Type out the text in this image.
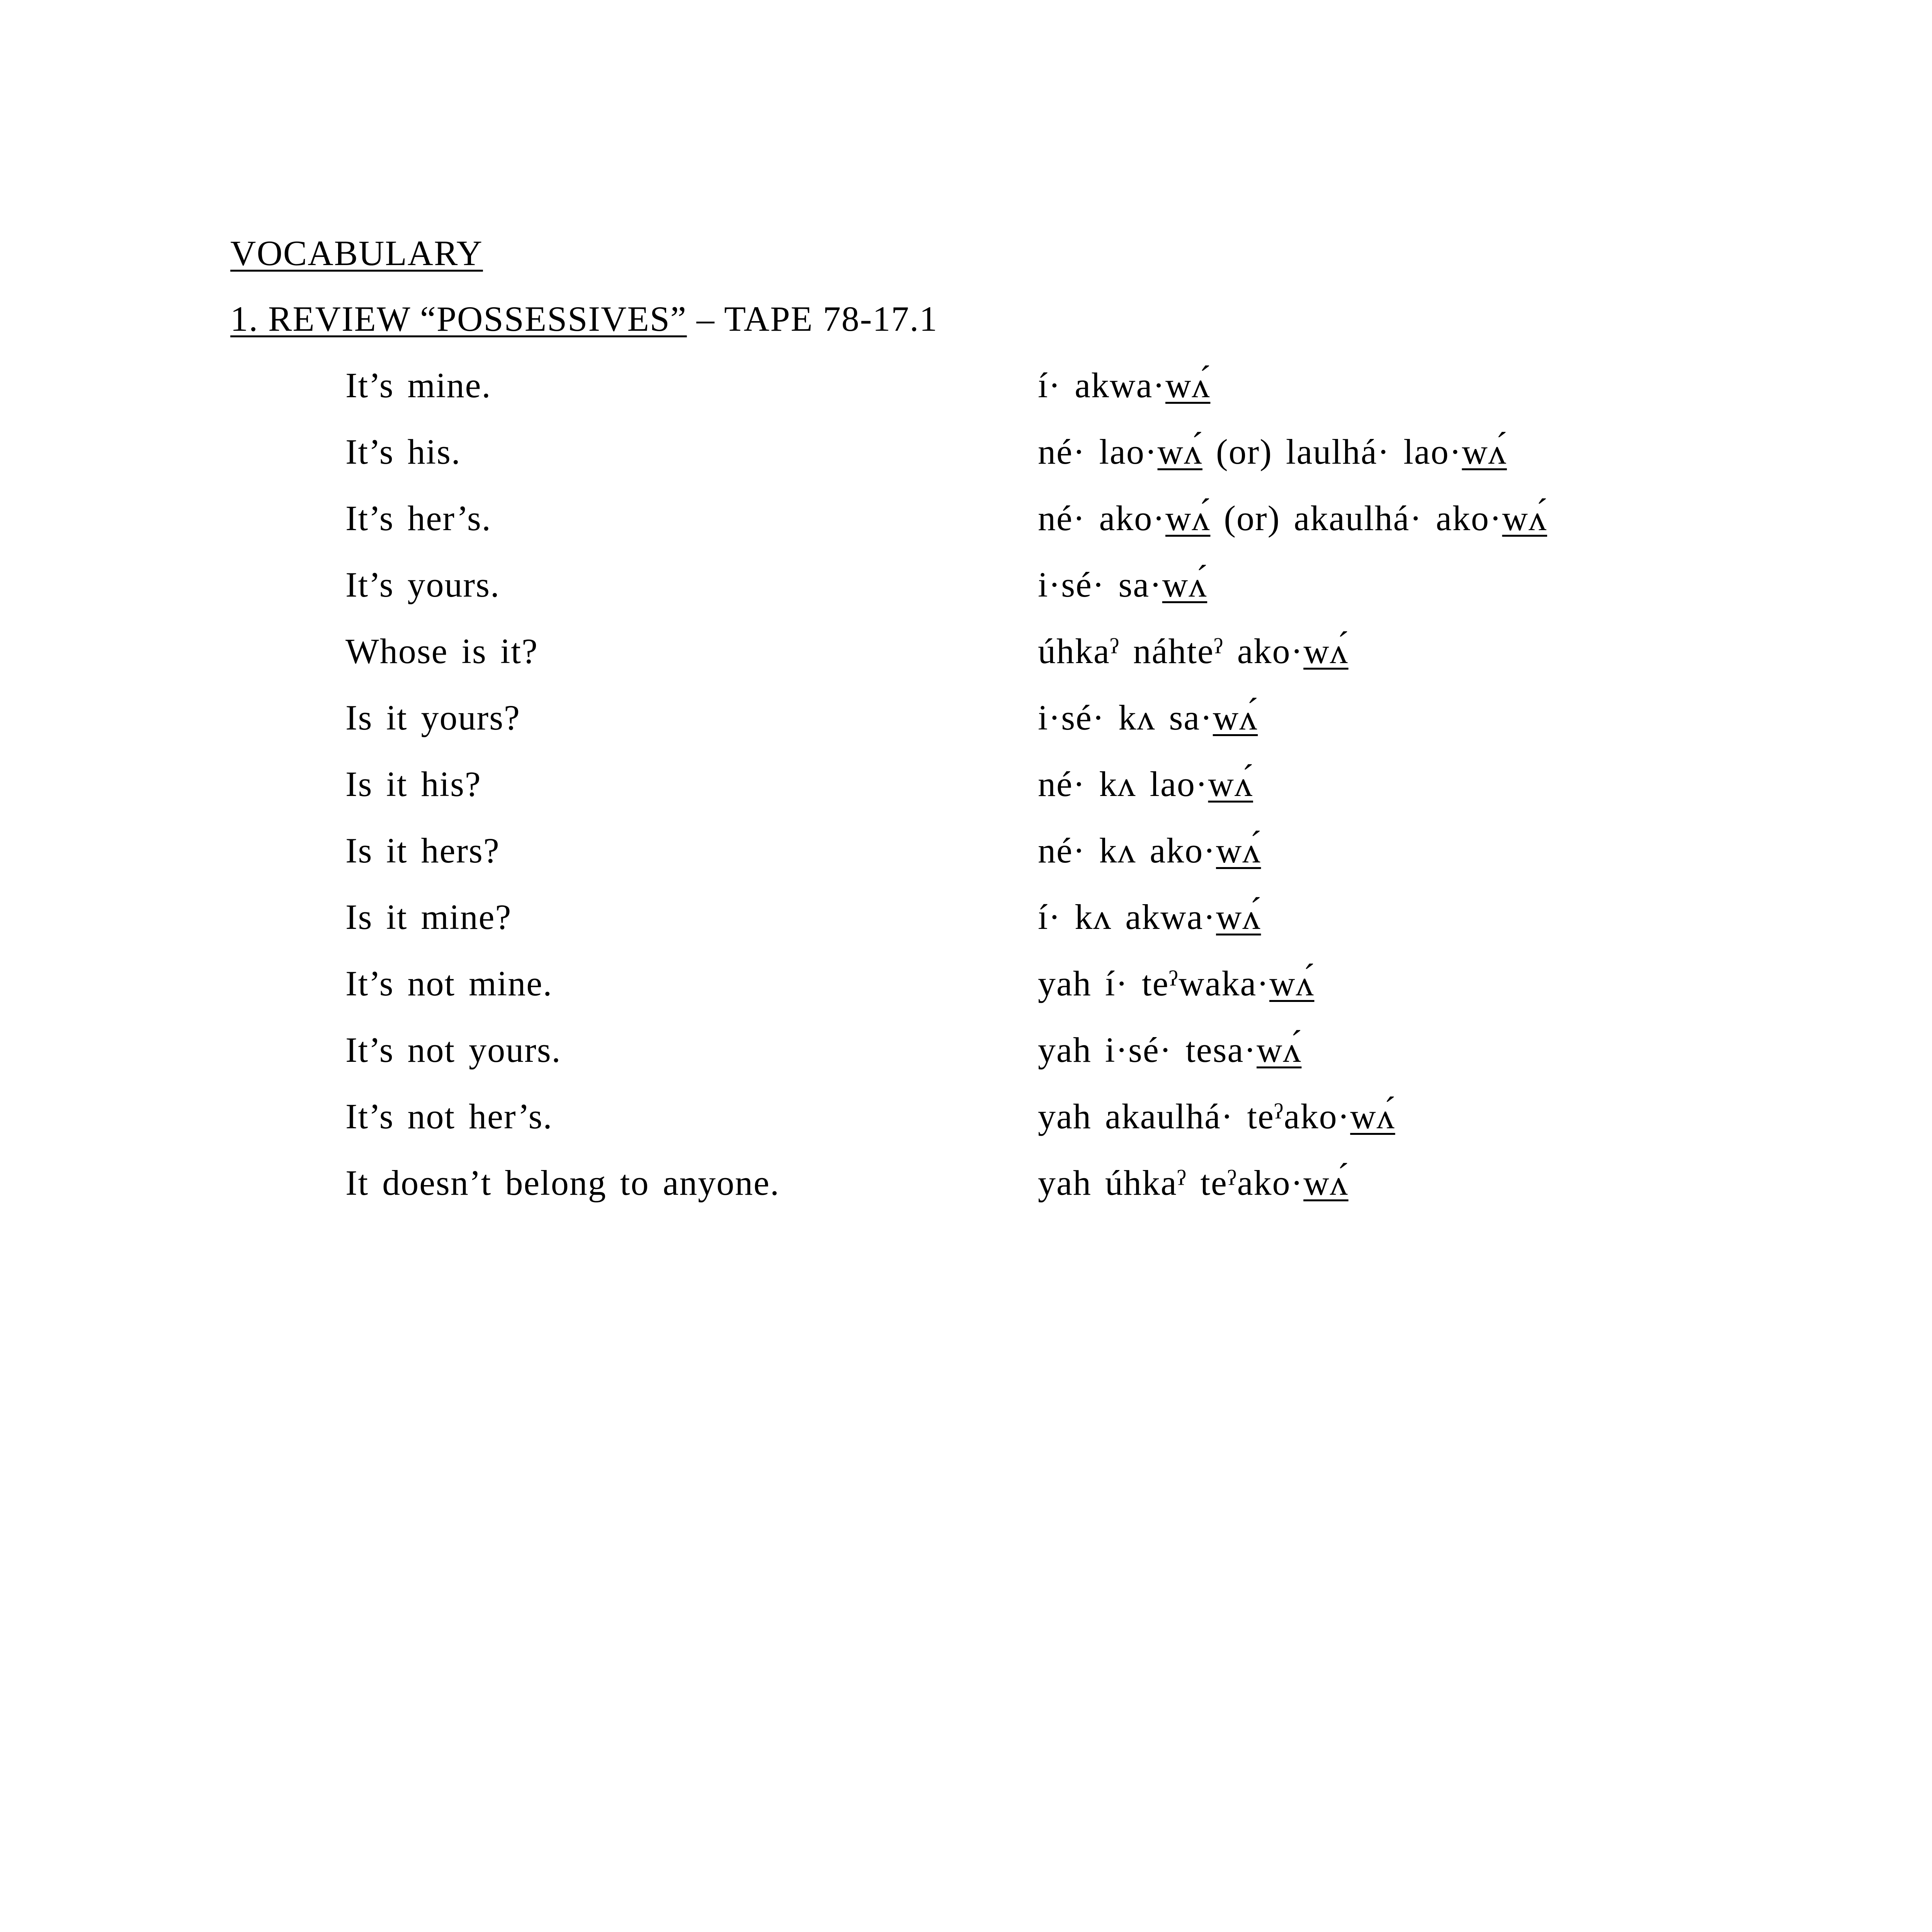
VOCABULARY
1. REVIEW “POSSESSIVES” – TAPE 78-17.1
It’s mine.	í· akwa·wʌ́
It’s his.	né· lao·wʌ́ (or) laulhá· lao·wʌ́
It’s her’s.	né· ako·wʌ́ (or) akaulhá· ako·wʌ́
It’s yours.	i·sé· sa·wʌ́
Whose is it?	úhkaˀ náhteˀ ako·wʌ́
Is it yours?	i·sé· kʌ sa·wʌ́
Is it his?	né· kʌ lao·wʌ́
Is it hers?	né· kʌ ako·wʌ́
Is it mine?	í· kʌ akwa·wʌ́
It’s not mine.	yah í· teˀwaka·wʌ́
It’s not yours.	yah i·sé· tesa·wʌ́
It’s not her’s.	yah akaulhá· teˀako·wʌ́
It doesn’t belong to anyone.	yah úhkaˀ teˀako·wʌ́
